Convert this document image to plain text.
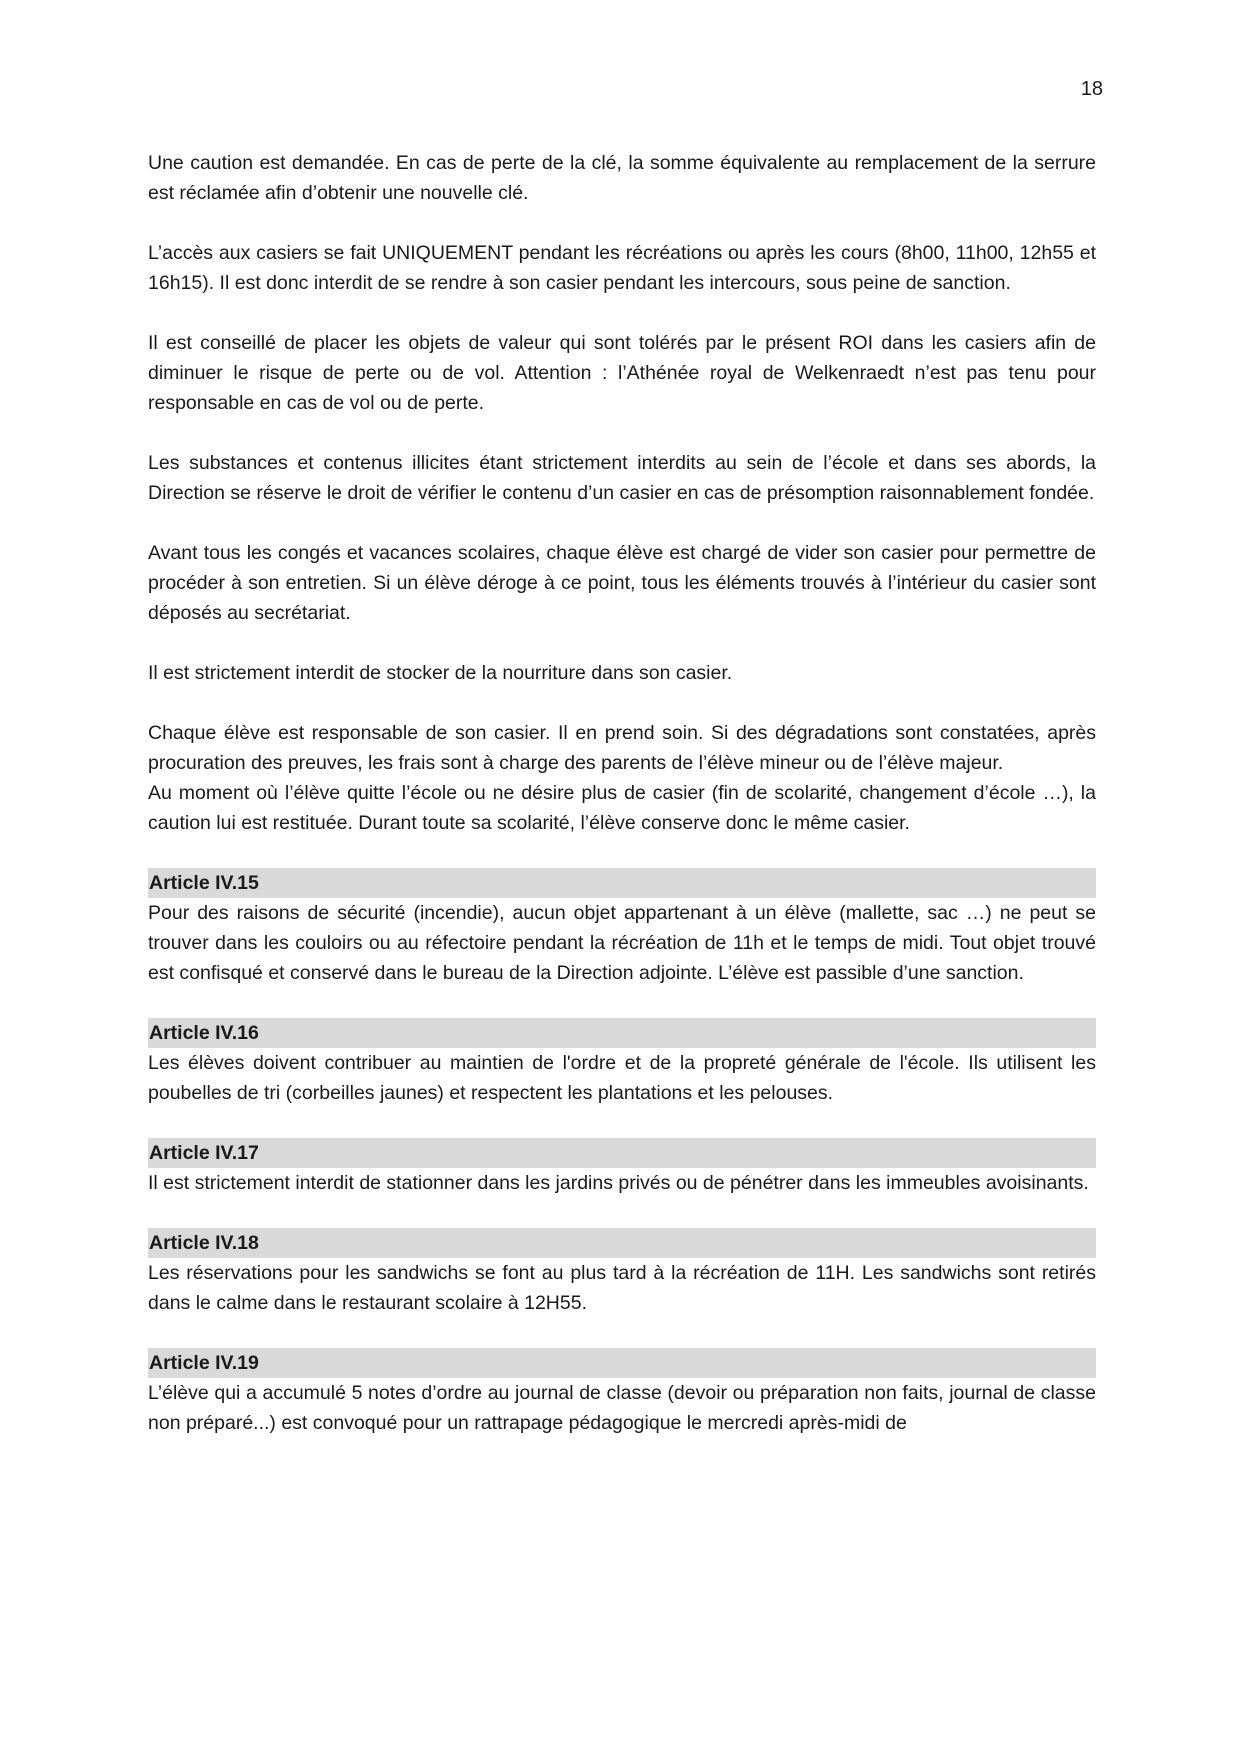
18

Une caution est demandée. En cas de perte de la clé, la somme équivalente au remplacement de la serrure est réclamée afin d’obtenir une nouvelle clé.

L’accès aux casiers se fait UNIQUEMENT pendant les récréations ou après les cours (8h00, 11h00, 12h55 et 16h15). Il est donc interdit de se rendre à son casier pendant les intercours, sous peine de sanction.

Il est conseillé de placer les objets de valeur qui sont tolérés par le présent ROI dans les casiers afin de diminuer le risque de perte ou de vol. Attention : l’Athénée royal de Welkenraedt n’est pas tenu pour responsable en cas de vol ou de perte.

Les substances et contenus illicites étant strictement interdits au sein de l’école et dans ses abords, la Direction se réserve le droit de vérifier le contenu d’un casier en cas de présomption raisonnablement fondée.

Avant tous les congés et vacances scolaires, chaque élève est chargé de vider son casier pour permettre de procéder à son entretien. Si un élève déroge à ce point, tous les éléments trouvés à l’intérieur du casier sont déposés au secrétariat.

Il est strictement interdit de stocker de la nourriture dans son casier.

Chaque élève est responsable de son casier. Il en prend soin. Si des dégradations sont constatées, après procuration des preuves, les frais sont à charge des parents de l’élève mineur ou de l’élève majeur.

Au moment où l’élève quitte l’école ou ne désire plus de casier (fin de scolarité, changement d’école …), la caution lui est restituée. Durant toute sa scolarité, l’élève conserve donc le même casier.

Article IV.15

Pour des raisons de sécurité (incendie), aucun objet appartenant à un élève (mallette, sac …) ne peut se trouver dans les couloirs ou au réfectoire pendant la récréation de 11h et le temps de midi. Tout objet trouvé est confisqué et conservé dans le bureau de la Direction adjointe. L’élève est passible d’une sanction.

Article IV.16

Les élèves doivent contribuer au maintien de l'ordre et de la propreté générale de l'école. Ils utilisent les poubelles de tri (corbeilles jaunes) et respectent les plantations et les pelouses.

Article IV.17

Il est strictement interdit de stationner dans les jardins privés ou de pénétrer dans les immeubles avoisinants.

Article IV.18

Les réservations pour les sandwichs se font au plus tard à la récréation de 11H. Les sandwichs sont retirés dans le calme dans le restaurant scolaire à 12H55.

Article IV.19

L’élève qui a accumulé 5 notes d’ordre au journal de classe (devoir ou préparation non faits, journal de classe non préparé...) est convoqué pour un rattrapage pédagogique le mercredi après-midi de
